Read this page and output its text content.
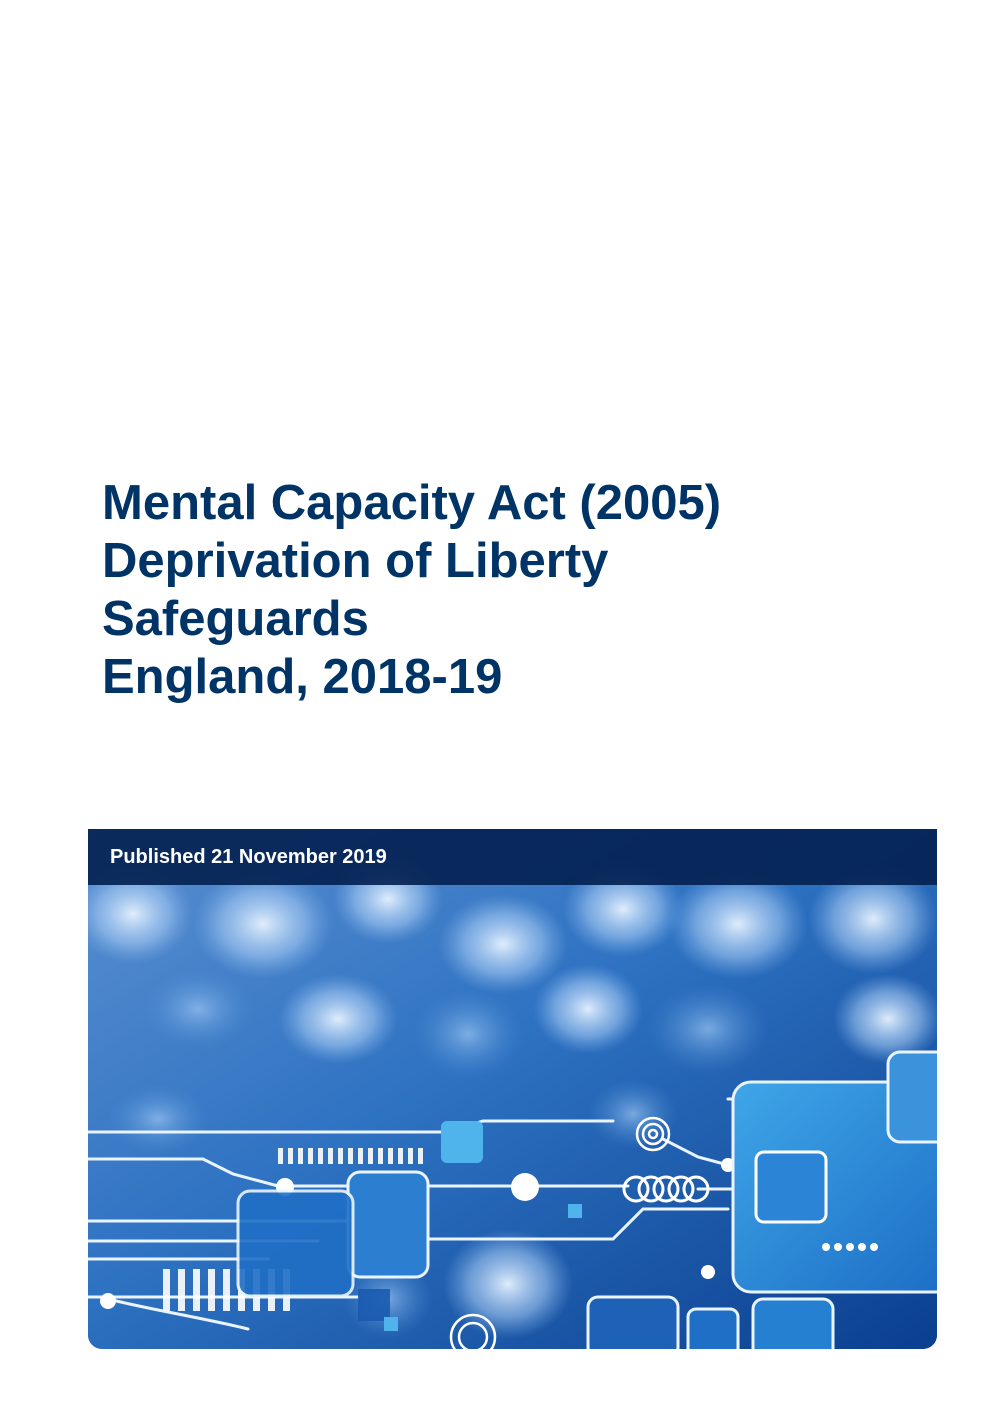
Mental Capacity Act (2005)
Deprivation of Liberty
Safeguards
England, 2018-19
Published 21 November 2019
